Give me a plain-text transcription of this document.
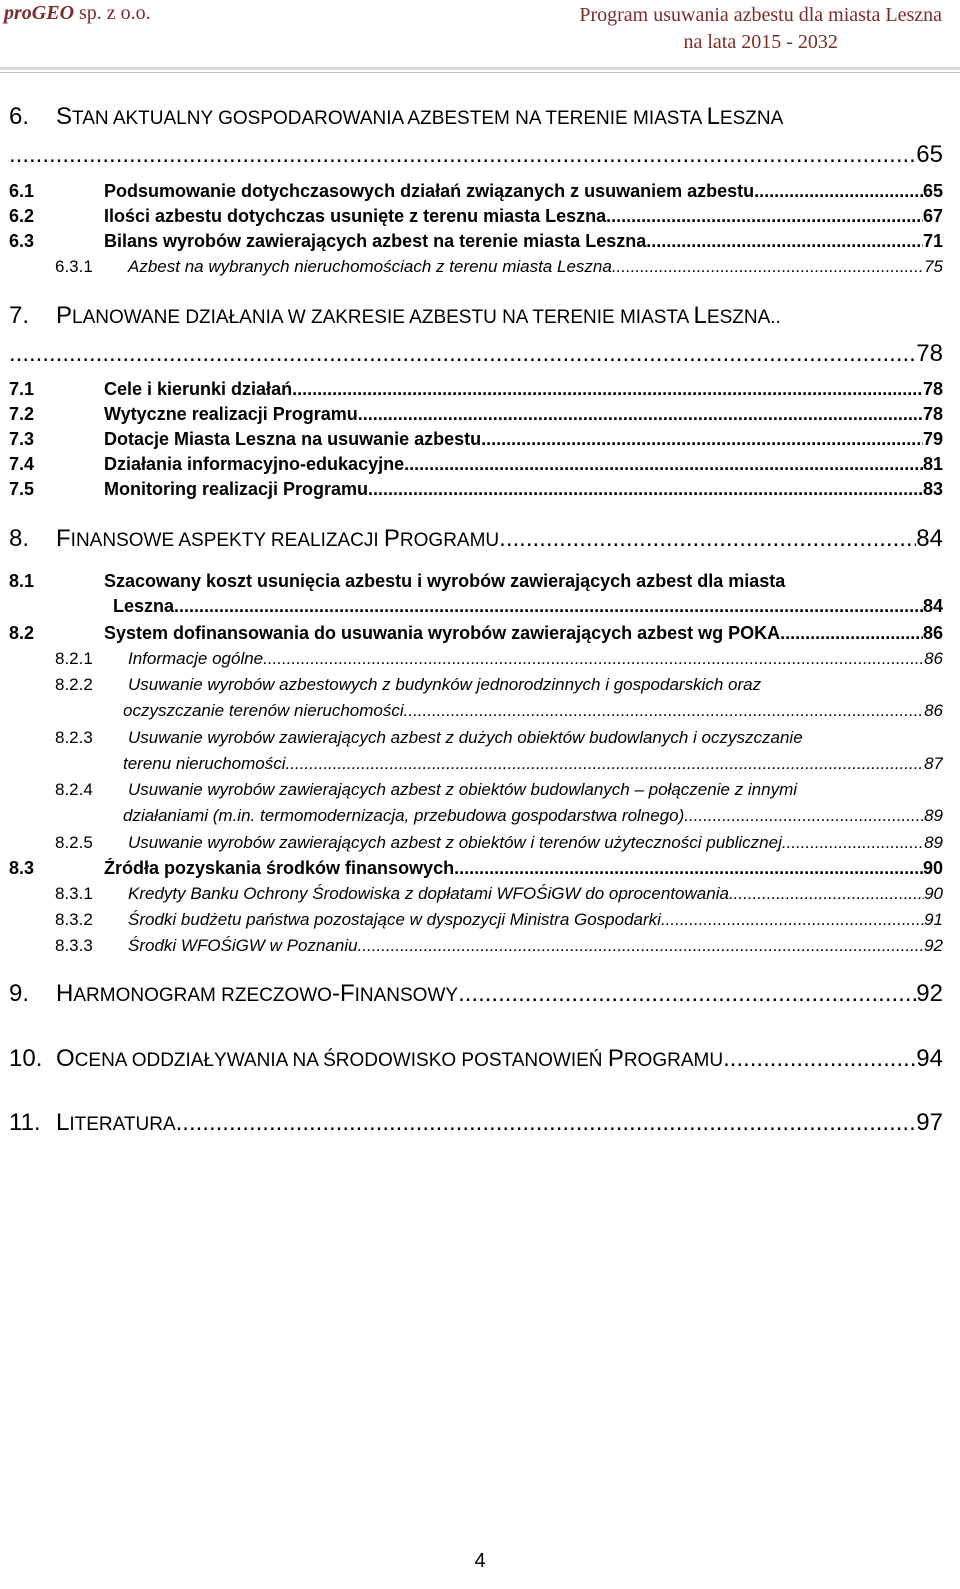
proGEO sp. z o.o.	Program usuwania azbestu dla miasta Leszna
na lata 2015 - 2032
6.	STAN AKTUALNY GOSPODAROWANIA AZBESTEM NA TERENIE MIASTA LESZNA
.....
65
6.1	Podsumowanie dotychczasowych działań związanych z usuwaniem azbestu .....	65
6.2	Ilości azbestu dotychczas usunięte z terenu miasta Leszna .....	67
6.3	Bilans wyrobów zawierających azbest na terenie miasta Leszna .....	71
6.3.1	Azbest na wybranych nieruchomościach z terenu miasta Leszna .....	75
7.	PLANOWANE DZIAŁANIA W ZAKRESIE AZBESTU NA TERENIE MIASTA LESZNA..
.....
78
7.1	Cele i kierunki działań .....	78
7.2	Wytyczne realizacji Programu .....	78
7.3	Dotacje Miasta Leszna na usuwanie azbestu .....	79
7.4	Działania informacyjno-edukacyjne .....	81
7.5	Monitoring realizacji Programu .....	83
8.	FINANSOWE ASPEKTY REALIZACJI PROGRAMU .....	84
8.1	Szacowany koszt usunięcia azbestu i wyrobów zawierających azbest dla miasta
Leszna .....	84
8.2	System dofinansowania do usuwania wyrobów zawierających azbest wg POKA .....	86
8.2.1	Informacje ogólne .....	86
8.2.2	Usuwanie wyrobów azbestowych z budynków jednorodzinnych i gospodarskich oraz
oczyszczanie terenów nieruchomości .....	86
8.2.3	Usuwanie wyrobów zawierających azbest z dużych obiektów budowlanych i oczyszczanie
terenu nieruchomości .....	87
8.2.4	Usuwanie wyrobów zawierających azbest z obiektów budowlanych – połączenie z innymi
działaniami (m.in. termomodernizacja, przebudowa gospodarstwa rolnego) .....	89
8.2.5	Usuwanie wyrobów zawierających azbest z obiektów i terenów użyteczności publicznej .....	89
8.3	Źródła pozyskania środków finansowych .....	90
8.3.1	Kredyty Banku Ochrony Środowiska z dopłatami WFOŚiGW do oprocentowania .....	90
8.3.2	Środki budżetu państwa pozostające w dyspozycji Ministra Gospodarki .....	91
8.3.3	Środki WFOŚiGW w Poznaniu .....	92
9.	HARMONOGRAM RZECZOWO-FINANSOWY .....	92
10. OCENA ODDZIAŁYWANIA NA ŚRODOWISKO POSTANOWIEŃ PROGRAMU .....	94
11. LITERATURA .....	97
4
